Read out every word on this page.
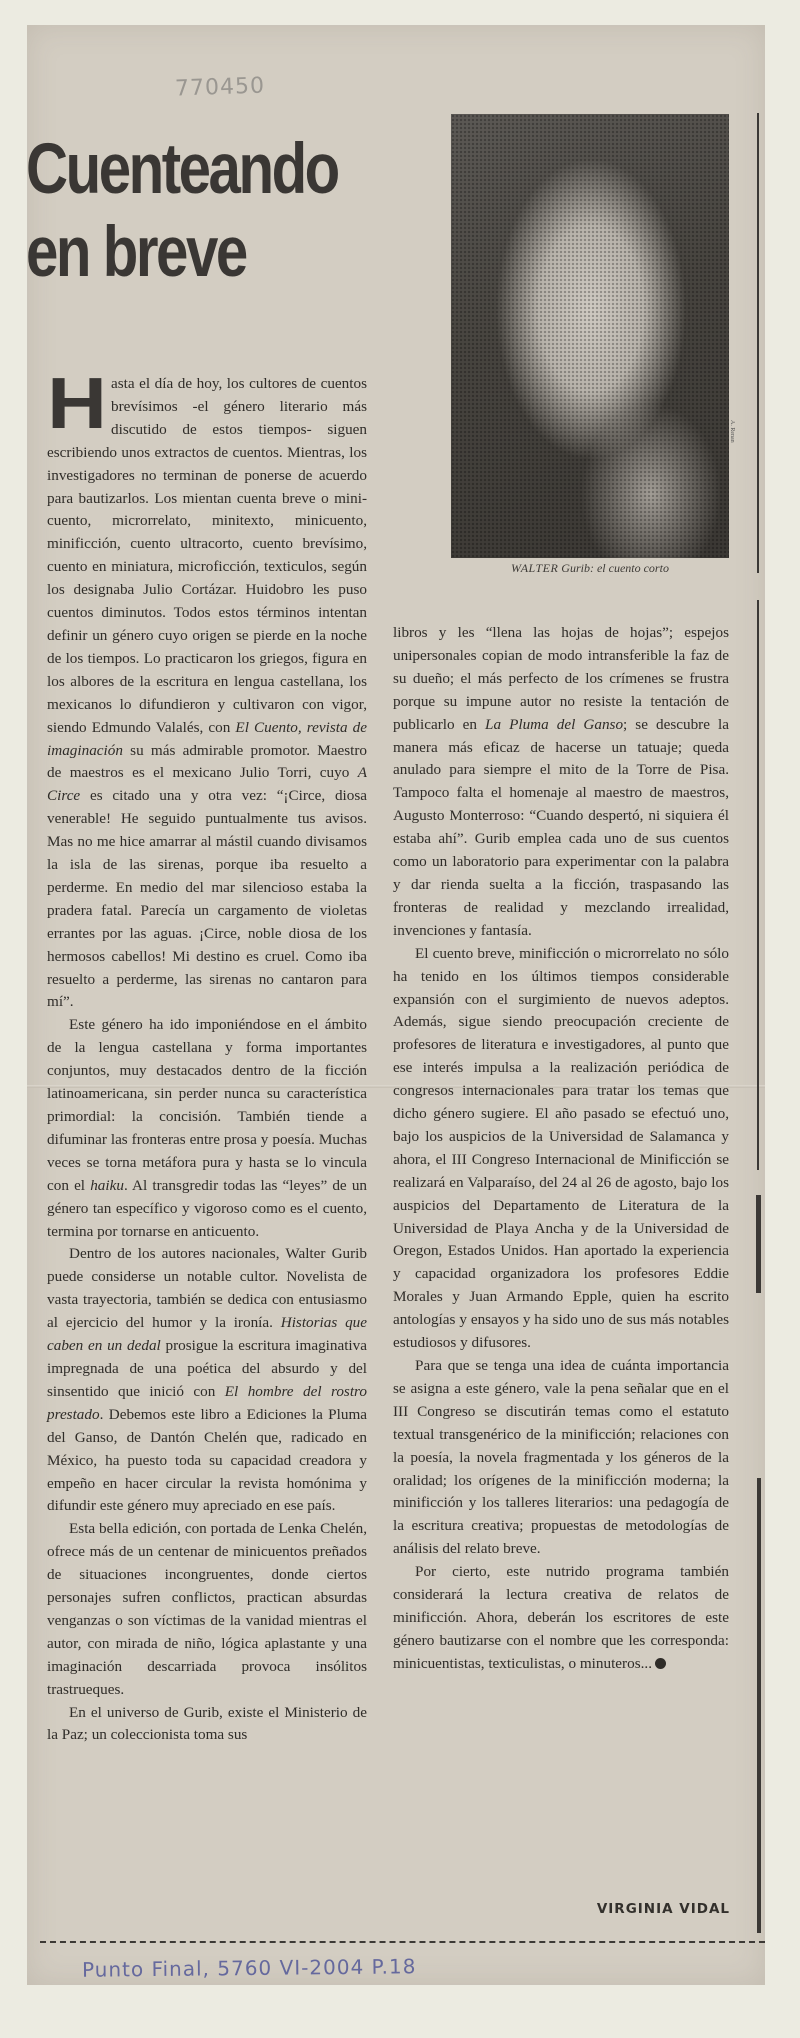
770450
Cuenteando
en breve
A. Renan
WALTER Gurib: el cuento corto
H asta el día de hoy, los cultores de cuentos brevísimos -el género literario más discutido de estos tiempos- siguen escribiendo unos extractos de cuentos. Mientras, los investigadores no terminan de ponerse de acuerdo para bautizarlos. Los mientan cuenta breve o minicuento, microrrelato, minitexto, minicuento, minificción, cuento ultracorto, cuento brevísimo, cuento en miniatura, microficción, texticulos, según los designaba Julio Cortázar. Huidobro les puso cuentos diminutos. Todos estos términos intentan definir un género cuyo origen se pierde en la noche de los tiempos. Lo practicaron los griegos, figura en los albores de la escritura en lengua castellana, los mexicanos lo difundieron y cultivaron con vigor, siendo Edmundo Valalés, con El Cuento, revista de imaginación su más admirable promotor. Maestro de maestros es el mexicano Julio Torri, cuyo A Circe es citado una y otra vez: “¡Circe, diosa venerable! He seguido puntualmente tus avisos. Mas no me hice amarrar al mástil cuando divisamos la isla de las sirenas, porque iba resuelto a perderme. En medio del mar silencioso estaba la pradera fatal. Parecía un cargamento de violetas errantes por las aguas. ¡Circe, noble diosa de los hermosos cabellos! Mi destino es cruel. Como iba resuelto a perderme, las sirenas no cantaron para mí”.

Este género ha ido imponiéndose en el ámbito de la lengua castellana y forma importantes conjuntos, muy destacados dentro de la ficción latinoamericana, sin perder nunca su característica primordial: la concisión. También tiende a difuminar las fronteras entre prosa y poesía. Muchas veces se torna metáfora pura y hasta se lo vincula con el haiku. Al transgredir todas las “leyes” de un género tan específico y vigoroso como es el cuento, termina por tornarse en anticuento.

Dentro de los autores nacionales, Walter Gurib puede considerse un notable cultor. Novelista de vasta trayectoria, también se dedica con entusiasmo al ejercicio del humor y la ironía. Historias que caben en un dedal prosigue la escritura imaginativa impregnada de una poética del absurdo y del sinsentido que inició con El hombre del rostro prestado. Debemos este libro a Ediciones la Pluma del Ganso, de Dantón Chelén que, radicado en México, ha puesto toda su capacidad creadora y empeño en hacer circular la revista homónima y difundir este género muy apreciado en ese país.

Esta bella edición, con portada de Lenka Chelén, ofrece más de un centenar de minicuentos preñados de situaciones incongruentes, donde ciertos personajes sufren conflictos, practican absurdas venganzas o son víctimas de la vanidad mientras el autor, con mirada de niño, lógica aplastante y una imaginación descarriada provoca insólitos trastrueques.

En el universo de Gurib, existe el Ministerio de la Paz; un coleccionista toma sus

libros y les “llena las hojas de hojas”; espejos unipersonales copian de modo intransferible la faz de su dueño; el más perfecto de los crímenes se frustra porque su impune autor no resiste la tentación de publicarlo en La Pluma del Ganso; se descubre la manera más eficaz de hacerse un tatuaje; queda anulado para siempre el mito de la Torre de Pisa. Tampoco falta el homenaje al maestro de maestros, Augusto Monterroso: “Cuando despertó, ni siquiera él estaba ahí”. Gurib emplea cada uno de sus cuentos como un laboratorio para experimentar con la palabra y dar rienda suelta a la ficción, traspasando las fronteras de realidad y mezclando irrealidad, invenciones y fantasía.

El cuento breve, minificción o microrrelato no sólo ha tenido en los últimos tiempos considerable expansión con el surgimiento de nuevos adeptos. Además, sigue siendo preocupación creciente de profesores de literatura e investigadores, al punto que ese interés impulsa a la realización periódica de congresos internacionales para tratar los temas que dicho género sugiere. El año pasado se efectuó uno, bajo los auspicios de la Universidad de Salamanca y ahora, el III Congreso Internacional de Minificción se realizará en Valparaíso, del 24 al 26 de agosto, bajo los auspicios del Departamento de Literatura de la Universidad de Playa Ancha y de la Universidad de Oregon, Estados Unidos. Han aportado la experiencia y capacidad organizadora los profesores Eddie Morales y Juan Armando Epple, quien ha escrito antologías y ensayos y ha sido uno de sus más notables estudiosos y difusores.

Para que se tenga una idea de cuánta importancia se asigna a este género, vale la pena señalar que en el III Congreso se discutirán temas como el estatuto textual transgenérico de la minificción; relaciones con la poesía, la novela fragmentada y los géneros de la oralidad; los orígenes de la minificción moderna; la minificción y los talleres literarios: una pedagogía de la escritura creativa; propuestas de metodologías de análisis del relato breve.

Por cierto, este nutrido programa también considerará la lectura creativa de relatos de minificción. Ahora, deberán los escritores de este género bautizarse con el nombre que les corresponda: minicuentistas, texticulistas, o minuteros...

VIRGINIA VIDAL
Punto Final, 5760 VI-2004 P.18
